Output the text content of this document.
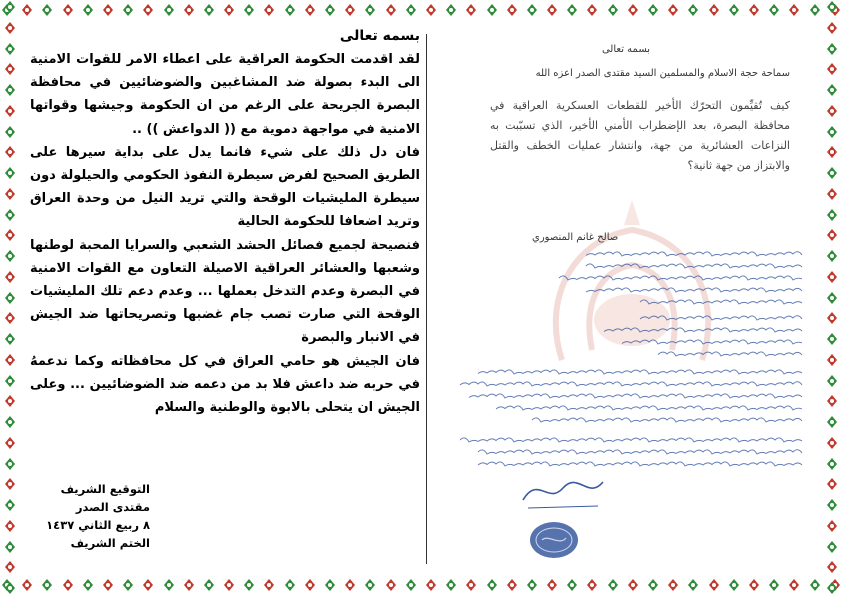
بسمه تعالى

لقد اقدمت الحكومة العراقية على اعطاء الامر للقوات الامنية الى البدء بصولة ضد المشاغبين والضوضائيين في محافظة البصرة الجريحة على الرغم من ان الحكومة وجيشها وقواتها الامنية في مواجهة دموية مع (( الدواعش )) ..

فان دل ذلك على شيء فانما يدل على بداية سيرها على الطريق الصحيح لفرض سيطرة النفوذ الحكومي والحيلولة دون سيطرة المليشيات الوقحة والتي تريد النيل من وحدة العراق وتريد اضعافا للحكومة الحالية

فنصيحة لجميع فصائل الحشد الشعبي والسرايا المحبة لوطنها وشعبها والعشائر العراقية الاصيلة التعاون مع القوات الامنية في البصرة وعدم التدخل بعملها ... وعدم دعم تلك المليشيات الوقحة التي صارت تصب جام غضبها وتصريحاتها ضد الجيش في الانبار والبصرة

فان الجيش هو حامي العراق في كل محافظاته وكما ندعمهُ في حربه ضد داعش فلا بد من دعمه ضد الضوضائيين ... وعلى الجيش ان يتحلى بالابوة والوطنية والسلام

التوقيع الشريف
مقتدى الصدر
٨ ربيع الثاني ١٤٣٧
الختم الشريف
بسمه تعالى
سماحة حجة الاسلام والمسلمين السيد مقتدى الصدر اعزه الله
كيف تُقيِّمون التحرّك الأخير للقطعات العسكرية العراقية في محافظة البصرة، بعد الإضطراب الأمني الأخير، الذي تسبّبت به النزاعات العشائرية من جهة، وانتشار عمليات الخطف والقتل والابتزاز من جهة ثانية؟
صالح غانم المنصوري
